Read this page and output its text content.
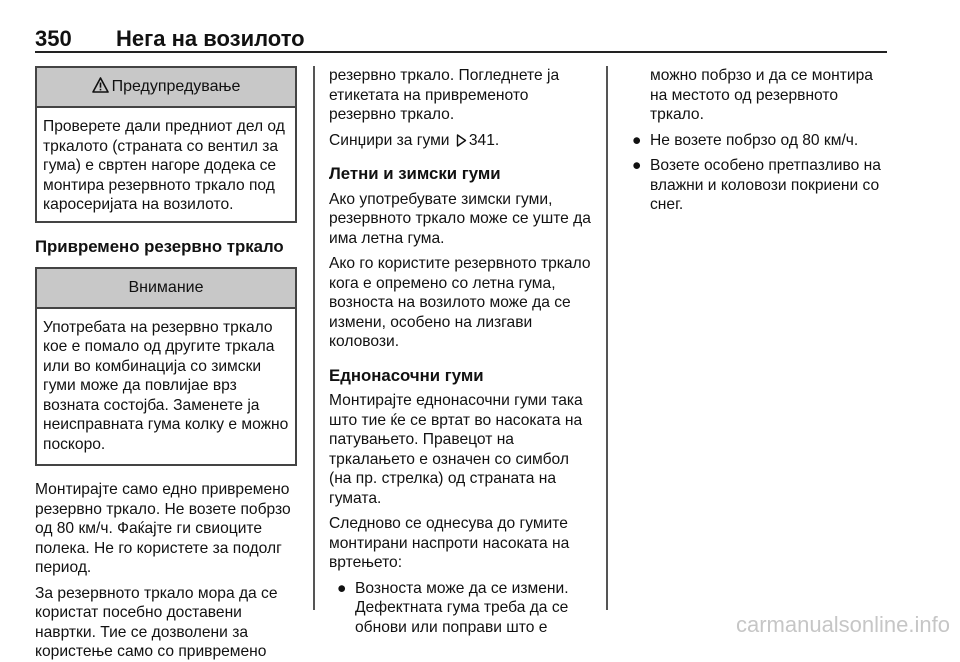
350 Нега на возилото
Предупредување
Проверете дали предниот дел од тркалото (страната со вентил за гума) е свртен нагоре додека се монтира резервното тркало под каросеријата на возилото.
Привремено резервно тркало
Внимание
Употребата на резервно тркало кое е помало од другите тркала или во комбинација со зимски гуми може да повлијае врз возната состојба. Заменете ја неисправната гума колку е можно поскоро.

Монтирајте само едно привремено резервно тркало. Не возете побрзо од 80 км/ч. Фаќајте ги свиоците полека. Не го користете за подолг период.

За резервното тркало мора да се користат посебно доставени навртки. Тие се дозволени за користење само со привремено

резервно тркало. Погледнете ја етикетата на привременото резервно тркало.

Синџири за гуми 341.

Летни и зимски гуми

Ако употребувате зимски гуми, резервното тркало може се уште да има летна гума.

Ако го користите резервното тркало кога е опремено со летна гума, возноста на возилото може да се измени, особено на лизгави коловози.

Еднонасочни гуми

Монтирајте еднонасочни гуми така што тие ќе се вртат во насоката на патувањето. Правецот на тркалањето е означен со симбол (на пр. стрелка) од страната на гумата.

Следново се однесува до гумите монтирани наспроти насоката на вртењето:

● Возноста може да се измени. Дефектната гума треба да се обнови или поправи што е

можно побрзо и да се монтира на местото од резервното тркало.

● Не возете побрзо од 80 км/ч.
● Возете особено претпазливо на влажни и коловози покриени со снег.
carmanualsonline.info
